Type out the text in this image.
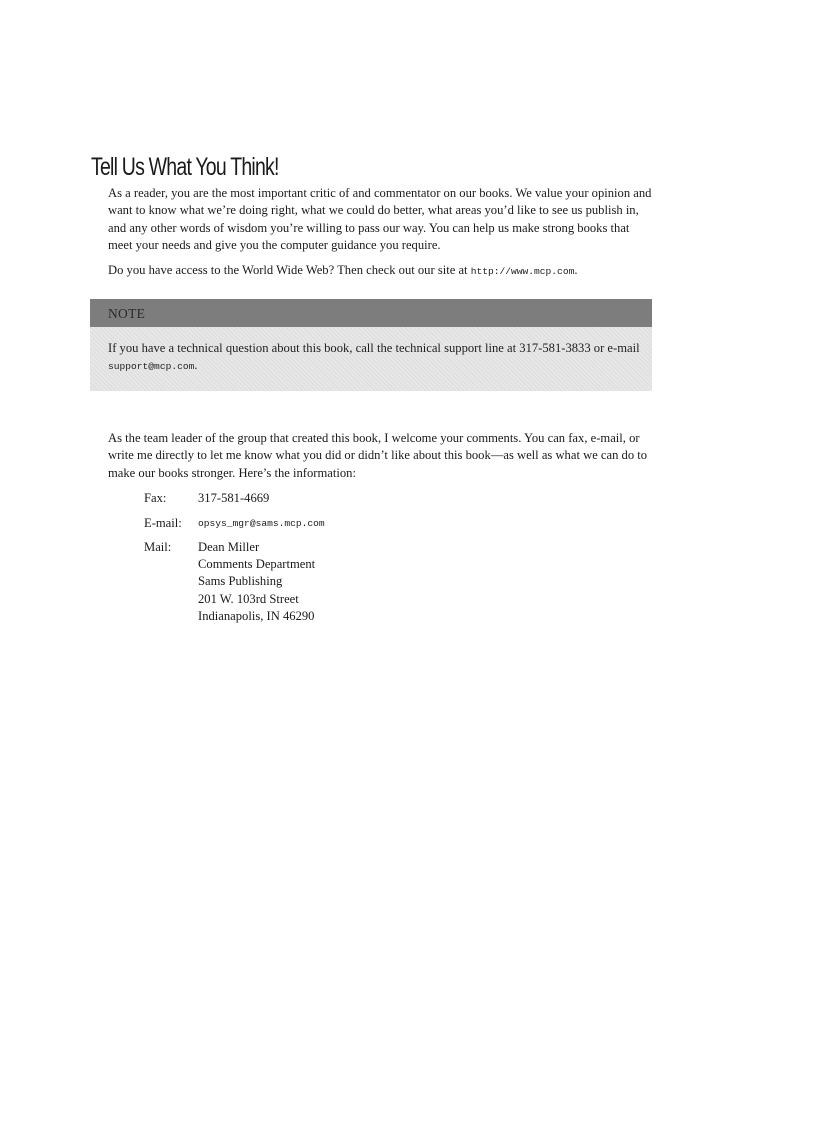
Tell Us What You Think!

As a reader, you are the most important critic of and commentator on our books. We value your opinion and want to know what we’re doing right, what we could do better, what areas you’d like to see us publish in, and any other words of wisdom you’re willing to pass our way. You can help us make strong books that meet your needs and give you the computer guidance you require.

Do you have access to the World Wide Web? Then check out our site at http://www.mcp.com.

NOTE
If you have a technical question about this book, call the technical support line at 317-581-3833 or e-mail
support@mcp.com.

As the team leader of the group that created this book, I welcome your comments. You can fax, e-mail, or write me directly to let me know what you did or didn’t like about this book—as well as what we can do to make our books stronger. Here’s the information:

Fax:	317-581-4669
E-mail: opsys_mgr@sams.mcp.com
Mail: Dean Miller
Comments Department
Sams Publishing
201 W. 103rd Street
Indianapolis, IN 46290
